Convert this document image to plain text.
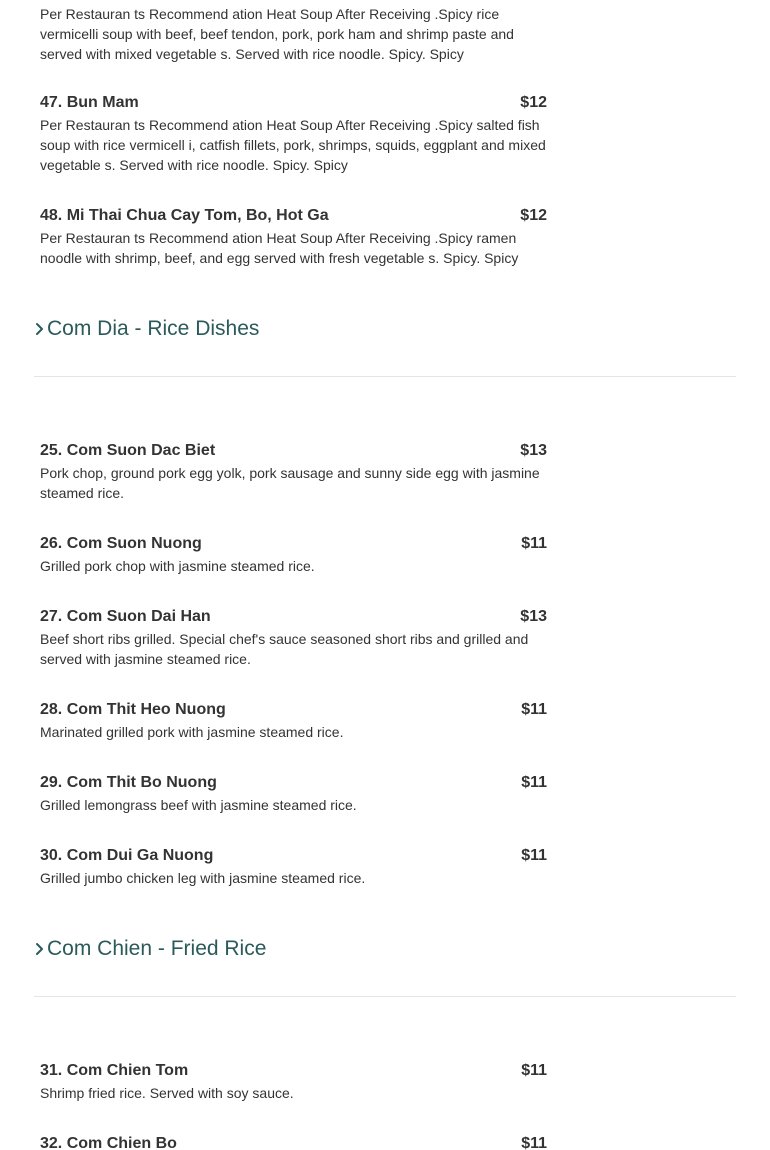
Per Restauran ts Recommend ation Heat Soup After Receiving .Spicy rice vermicelli soup with beef, beef tendon, pork, pork ham and shrimp paste and served with mixed vegetable s. Served with rice noodle. Spicy. Spicy
47. Bun Mam	$12
Per Restauran ts Recommend ation Heat Soup After Receiving .Spicy salted fish soup with rice vermicell i, catfish fillets, pork, shrimps, squids, eggplant and mixed vegetable s. Served with rice noodle. Spicy. Spicy
48. Mi Thai Chua Cay Tom, Bo, Hot Ga	$12
Per Restauran ts Recommend ation Heat Soup After Receiving .Spicy ramen noodle with shrimp, beef, and egg served with fresh vegetable s. Spicy. Spicy
Com Dia - Rice Dishes
25. Com Suon Dac Biet	$13
Pork chop, ground pork egg yolk, pork sausage and sunny side egg with jasmine steamed rice.
26. Com Suon Nuong	$11
Grilled pork chop with jasmine steamed rice.
27. Com Suon Dai Han	$13
Beef short ribs grilled. Special chef's sauce seasoned short ribs and grilled and served with jasmine steamed rice.
28. Com Thit Heo Nuong	$11
Marinated grilled pork with jasmine steamed rice.
29. Com Thit Bo Nuong	$11
Grilled lemongrass beef with jasmine steamed rice.
30. Com Dui Ga Nuong	$11
Grilled jumbo chicken leg with jasmine steamed rice.
Com Chien - Fried Rice
31. Com Chien Tom	$11
Shrimp fried rice. Served with soy sauce.
32. Com Chien Bo	$11
